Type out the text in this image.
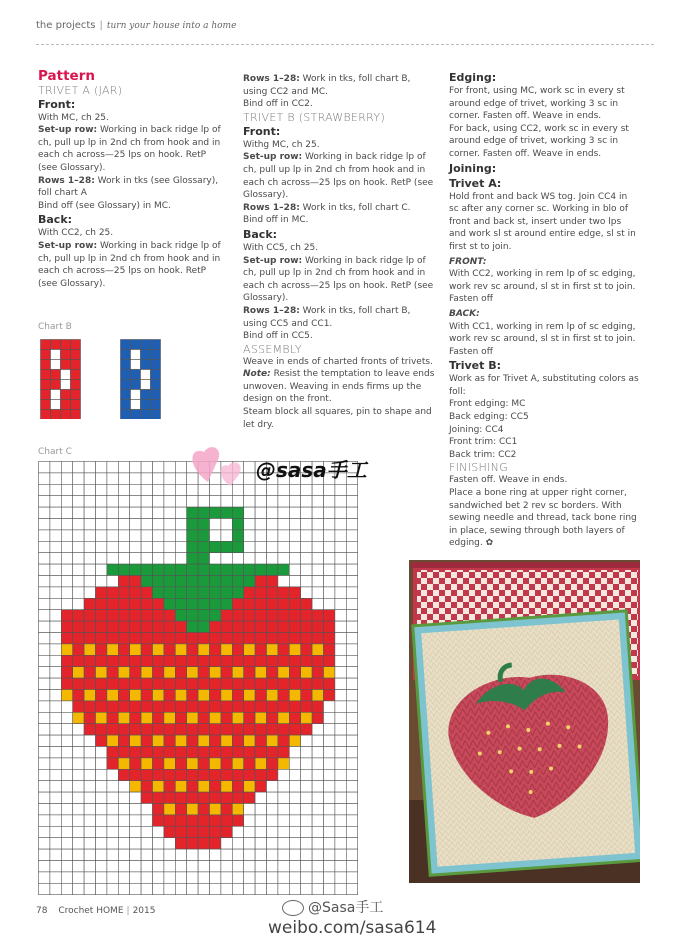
the projects | turn your house into a home
Pattern
TRIVET A (JAR)
Front:

With MC, ch 25.

Set-up row: Working in back ridge lp of ch, pull up lp in 2nd ch from hook and in each ch across—25 lps on hook. RetP (see Glossary).

Rows 1–28: Work in tks (see Glossary), foll chart A

Bind off (see Glossary) in MC.

Back:

With CC2, ch 25.

Set-up row: Working in back ridge lp of ch, pull up lp in 2nd ch from hook and in each ch across—25 lps on hook. RetP (see Glossary).

Rows 1–28: Work in tks, foll chart B, using CC2 and MC.

Bind off in CC2.

TRIVET B (STRAWBERRY)
Front:

Withg MC, ch 25.

Set-up row: Working in back ridge lp of ch, pull up lp in 2nd ch from hook and in each ch across—25 lps on hook. RetP (see Glossary).

Rows 1–28: Work in tks, foll chart C.

Bind off in MC.

Back:

With CC5, ch 25.

Set-up row: Working in back ridge lp of ch, pull up lp in 2nd ch from hook and in each ch across—25 lps on hook. RetP (see Glossary).

Rows 1–28: Work in tks, foll chart B, using CC5 and CC1.

Bind off in CC5.

ASSEMBLY

Weave in ends of charted fronts of trivets.

Note: Resist the temptation to leave ends unwoven. Weaving in ends firms up the design on the front.

Steam block all squares, pin to shape and let dry.

Edging:

For front, using MC, work sc in every st around edge of trivet, working 3 sc in corner. Fasten off. Weave in ends.

For back, using CC2, work sc in every st around edge of trivet, working 3 sc in corner. Fasten off. Weave in ends.

Joining:
Trivet A:

Hold front and back WS tog. Join CC4 in sc after any corner sc. Working in blo of front and back st, insert under two lps and work sl st around entire edge, sl st in first st to join.

FRONT:

With CC2, working in rem lp of sc edging, work rev sc around, sl st in first st to join. Fasten off

BACK:

With CC1, working in rem lp of sc edging, work rev sc around, sl st in first st to join. Fasten off

Trivet B:

Work as for Trivet A, substituting colors as foll:

Front edging: MC

Back edging: CC5

Joining: CC4

Front trim: CC1

Back trim: CC2

FINISHING

Fasten off. Weave in ends.

Place a bone ring at upper right corner, sandwiched bet 2 rev sc borders. With sewing needle and thread, tack bone ring in place, sewing through both layers of edging. ✿

Chart B
Chart C
@sasa手工
78 Crochet HOME | 2015	@Sasa手工
weibo.com/sasa614
